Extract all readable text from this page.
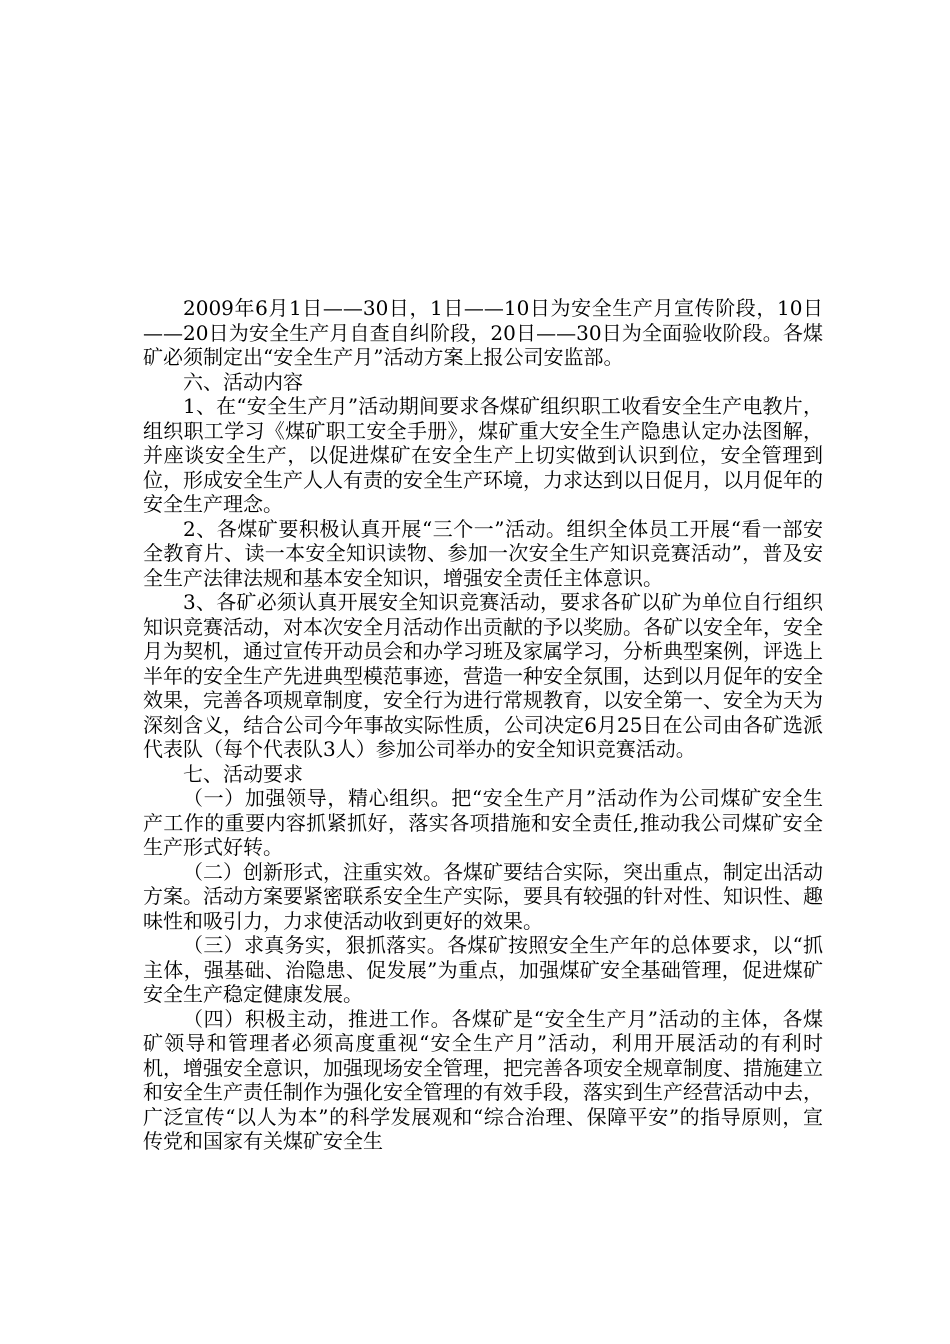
2009年6月1日——30日，1日——10日为安全生产月宣传阶段，10日——20日为安全生产月自查自纠阶段，20日——30日为全面验收阶段。各煤矿必须制定出“安全生产月”活动方案上报公司安监部。

六、活动内容

1、在“安全生产月”活动期间要求各煤矿组织职工收看安全生产电教片，组织职工学习《煤矿职工安全手册》，煤矿重大安全生产隐患认定办法图解，并座谈安全生产，以促进煤矿在安全生产上切实做到认识到位，安全管理到位，形成安全生产人人有责的安全生产环境，力求达到以日促月，以月促年的安全生产理念。

2、各煤矿要积极认真开展“三个一”活动。组织全体员工开展“看一部安全教育片、读一本安全知识读物、参加一次安全生产知识竞赛活动”，普及安全生产法律法规和基本安全知识，增强安全责任主体意识。

3、各矿必须认真开展安全知识竞赛活动，要求各矿以矿为单位自行组织知识竞赛活动，对本次安全月活动作出贡献的予以奖励。各矿以安全年，安全月为契机，通过宣传开动员会和办学习班及家属学习，分析典型案例，评选上半年的安全生产先进典型模范事迹，营造一种安全氛围，达到以月促年的安全效果，完善各项规章制度，安全行为进行常规教育，以安全第一、安全为天为深刻含义，结合公司今年事故实际性质，公司决定6月25日在公司由各矿选派代表队（每个代表队3人）参加公司举办的安全知识竞赛活动。

七、活动要求

（一）加强领导，精心组织。把“安全生产月”活动作为公司煤矿安全生产工作的重要内容抓紧抓好，落实各项措施和安全责任,推动我公司煤矿安全生产形式好转。

（二）创新形式，注重实效。各煤矿要结合实际，突出重点，制定出活动方案。活动方案要紧密联系安全生产实际，要具有较强的针对性、知识性、趣味性和吸引力，力求使活动收到更好的效果。

（三）求真务实，狠抓落实。各煤矿按照安全生产年的总体要求，以“抓主体，强基础、治隐患、促发展”为重点，加强煤矿安全基础管理，促进煤矿安全生产稳定健康发展。

（四）积极主动，推进工作。各煤矿是“安全生产月”活动的主体，各煤矿领导和管理者必须高度重视“安全生产月”活动，利用开展活动的有利时机，增强安全意识，加强现场安全管理，把完善各项安全规章制度、措施建立和安全生产责任制作为强化安全管理的有效手段，落实到生产经营活动中去，广泛宣传“以人为本”的科学发展观和“综合治理、保障平安”的指导原则，宣传党和国家有关煤矿安全生
